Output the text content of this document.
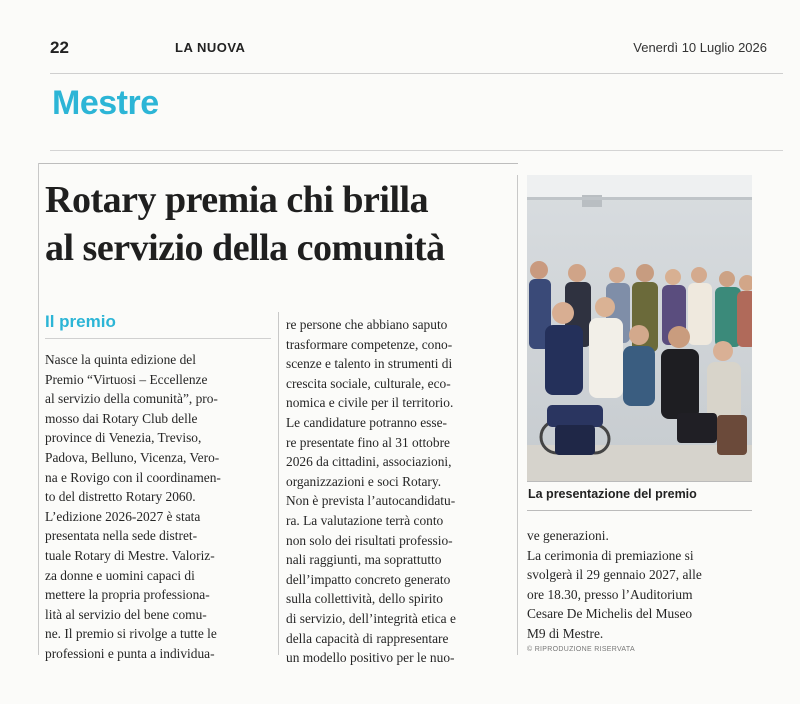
22	LA NUOVA	Venerdì 10 Luglio 2026
Mestre
Rotary premia chi brilla
al servizio della comunità
Il premio
Nasce la quinta edizione del
Premio “Virtuosi – Eccellenze
al servizio della comunità”, pro-
mosso dai Rotary Club delle
province di Venezia, Treviso,
Padova, Belluno, Vicenza, Vero-
na e Rovigo con il coordinamen-
to del distretto Rotary 2060.
L’edizione 2026-2027 è stata
presentata nella sede distret-
tuale Rotary di Mestre. Valoriz-
za donne e uomini capaci di
mettere la propria professiona-
lità al servizio del bene comu-
ne. Il premio si rivolge a tutte le
professioni e punta a individua-
re persone che abbiano saputo
trasformare competenze, cono-
scenze e talento in strumenti di
crescita sociale, culturale, eco-
nomica e civile per il territorio.
Le candidature potranno esse-
re presentate fino al 31 ottobre
2026 da cittadini, associazioni,
organizzazioni e soci Rotary.
Non è prevista l’autocandidatu-
ra. La valutazione terrà conto
non solo dei risultati professio-
nali raggiunti, ma soprattutto
dell’impatto concreto generato
sulla collettività, dello spirito
di servizio, dell’integrità etica e
della capacità di rappresentare
un modello positivo per le nuo-
ve generazioni.
La cerimonia di premiazione si
svolgerà il 29 gennaio 2027, alle
ore 18.30, presso l’Auditorium
Cesare De Michelis del Museo
M9 di Mestre.
La presentazione del premio
© RIPRODUZIONE RISERVATA
